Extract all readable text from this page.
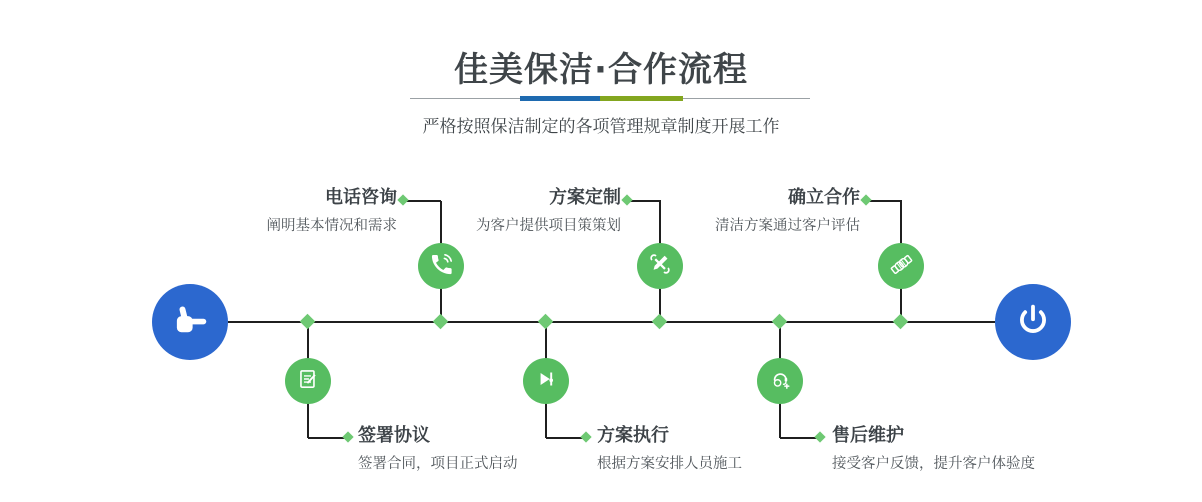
佳美保洁·合作流程
严格按照保洁制定的各项管理规章制度开展工作
电话咨询
阐明基本情况和需求
签署协议
签署合同，项目正式启动
方案定制
为客户提供项目策策划
方案执行
根据方案安排人员施工
确立合作
清洁方案通过客户评估
售后维护
接受客户反馈，提升客户体验度
